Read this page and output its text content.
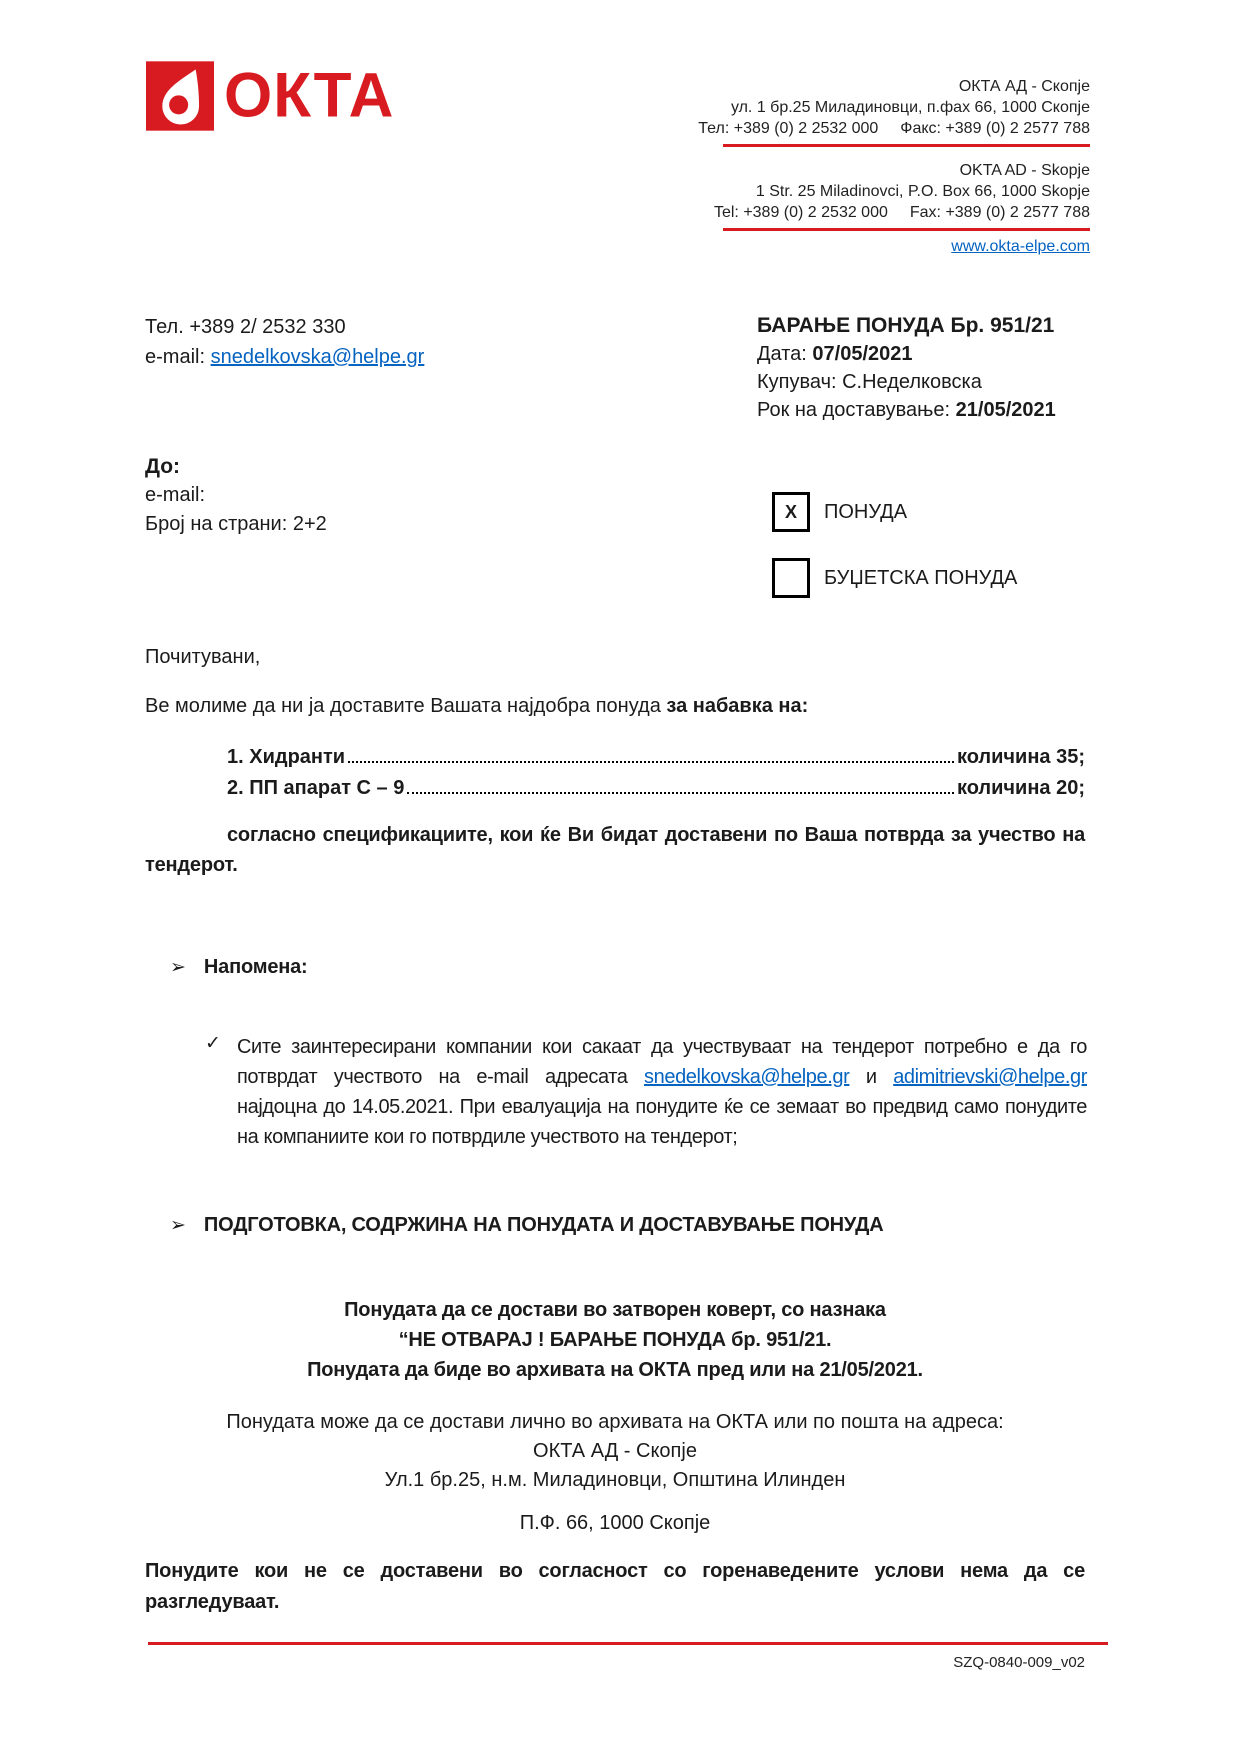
ОКТА	ОКТА АД - Скопје
ул. 1 бр.25 Миладиновци, п.фах 66, 1000 Скопје
Тел: +389 (0) 2 2532 000 Факс: +389 (0) 2 2577 788
OKTA AD - Skopje
1 Str. 25 Miladinovci, P.O. Box 66, 1000 Skopje
Tel: +389 (0) 2 2532 000 Fax: +389 (0) 2 2577 788
www.okta-elpe.com
Тел. +389 2/ 2532 330
e-mail: snedelkovska@helpe.gr
БАРАЊЕ ПОНУДА Бр. 951/21
Дата: 07/05/2021
Купувач: С.Неделковска
Рок на доставување: 21/05/2021
До:
e-mail:
Број на страни: 2+2
X ПОНУДА
БУЏЕТСКА ПОНУДА
Почитувани,
Ве молиме да ни ја доставите Вашата најдобра понуда за набавка на:
1. Хидранти	количина 35;
2. ПП апарат С – 9	количина 20;
согласно спецификациите, кои ќе Ви бидат доставени по Ваша потврда за учество на тендерот.
➢ Напомена:
✓ Сите заинтересирани компании кои сакаат да учествуваат на тендерот потребно е да го потврдат учеството на e-mail адресата snedelkovska@helpe.gr и adimitrievski@helpe.gr најдоцна до 14.05.2021. При евалуација на понудите ќе се земаат во предвид само понудите на компаниите кои го потврдиле учеството на тендерот;
➢ ПОДГОТОВКА, СОДРЖИНА НА ПОНУДАТА И ДОСТАВУВАЊЕ ПОНУДА
Понудата да се достави во затворен коверт, со назнака
“НЕ ОТВАРАЈ ! БАРАЊЕ ПОНУДА бр. 951/21.
Понудата да биде во архивата на ОКТА пред или на 21/05/2021.
Понудата може да се достави лично во архивата на ОКТА или по пошта на адреса:
ОКТА АД - Скопје
Ул.1 бр.25, н.м. Миладиновци, Општина Илинден
П.Ф. 66, 1000 Скопје
Понудите кои не се доставени во согласност со горенаведените услови нема да се разгледуваат.
SZQ-0840-009_v02
